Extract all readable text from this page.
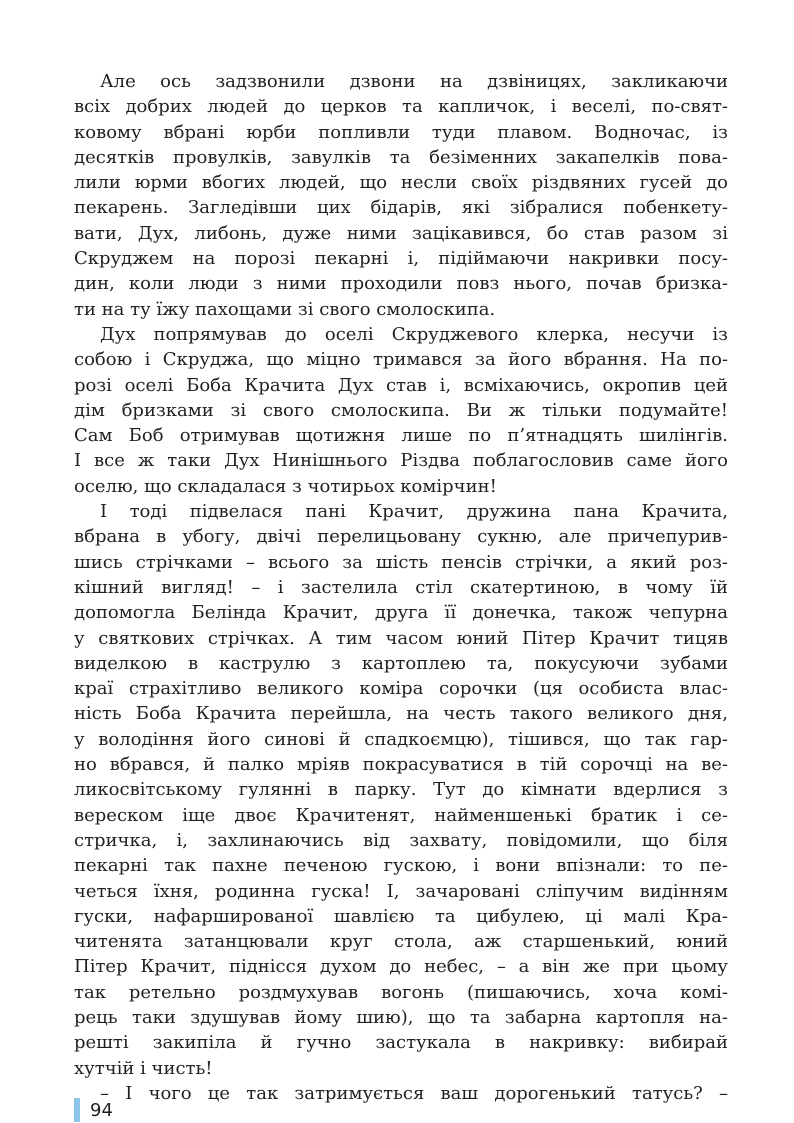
Але ось задзвонили дзвони на дзвіницях, закликаючи
всіх добрих людей до церков та капличок, і веселі, по-свят-
ковому вбрані юрби попливли туди плавом. Водночас, із
десятків провулків, завулків та безіменних закапелків пова-
лили юрми вбогих людей, що несли своїх різдвяних гусей до
пекарень. Загледівши цих бідарів, які зібралися побенкету-
вати, Дух, либонь, дуже ними зацікавився, бо став разом зі
Скруджем на порозі пекарні і, підіймаючи накривки посу-
дин, коли люди з ними проходили повз нього, почав бризка-
ти на ту їжу пахощами зі свого смолоскипа.
Дух попрямував до оселі Скруджевого клерка, несучи із
собою і Скруджа, що міцно тримався за його вбрання. На по-
розі оселі Боба Крачита Дух став і, всміхаючись, окропив цей
дім бризками зі свого смолоскипа. Ви ж тільки подумайте!
Сам Боб отримував щотижня лише по п’ятнадцять шилінгів.
І все ж таки Дух Нинішнього Різдва поблагословив саме його
оселю, що складалася з чотирьох комірчин!
І тоді підвелася пані Крачит, дружина пана Крачита,
вбрана в убогу, двічі перелицьовану сукню, але причепурив-
шись стрічками – всього за шість пенсів стрічки, а який роз-
кішний вигляд! – і застелила стіл скатертиною, в чому їй
допомогла Белінда Крачит, друга її донечка, також чепурна
у святкових стрічках. А тим часом юний Пітер Крачит тицяв
виделкою в каструлю з картоплею та, покусуючи зубами
краї страхітливо великого коміра сорочки (ця особиста влас-
ність Боба Крачита перейшла, на честь такого великого дня,
у володіння його синові й спадкоємцю), тішився, що так гар-
но вбрався, й палко мріяв покрасуватися в тій сорочці на ве-
ликосвітському гулянні в парку. Тут до кімнати вдерлися з
вереском іще двоє Крачитенят, найменшенькі братик і се-
стричка, і, захлинаючись від захвату, повідомили, що біля
пекарні так пахне печеною гускою, і вони впізнали: то пе-
четься їхня, родинна гуска! І, зачаровані сліпучим видінням
гуски, нафаршированої шавлією та цибулею, ці малі Кра-
читенята затанцювали круг стола, аж старшенький, юний
Пітер Крачит, піднісся духом до небес, – а він же при цьому
так ретельно роздмухував вогонь (пишаючись, хоча комі-
рець таки здушував йому шию), що та забарна картопля на-
решті закипіла й гучно застукала в накривку: вибирай
хутчій і чисть!
– І чого це так затримується ваш дорогенький татусь? –
94
